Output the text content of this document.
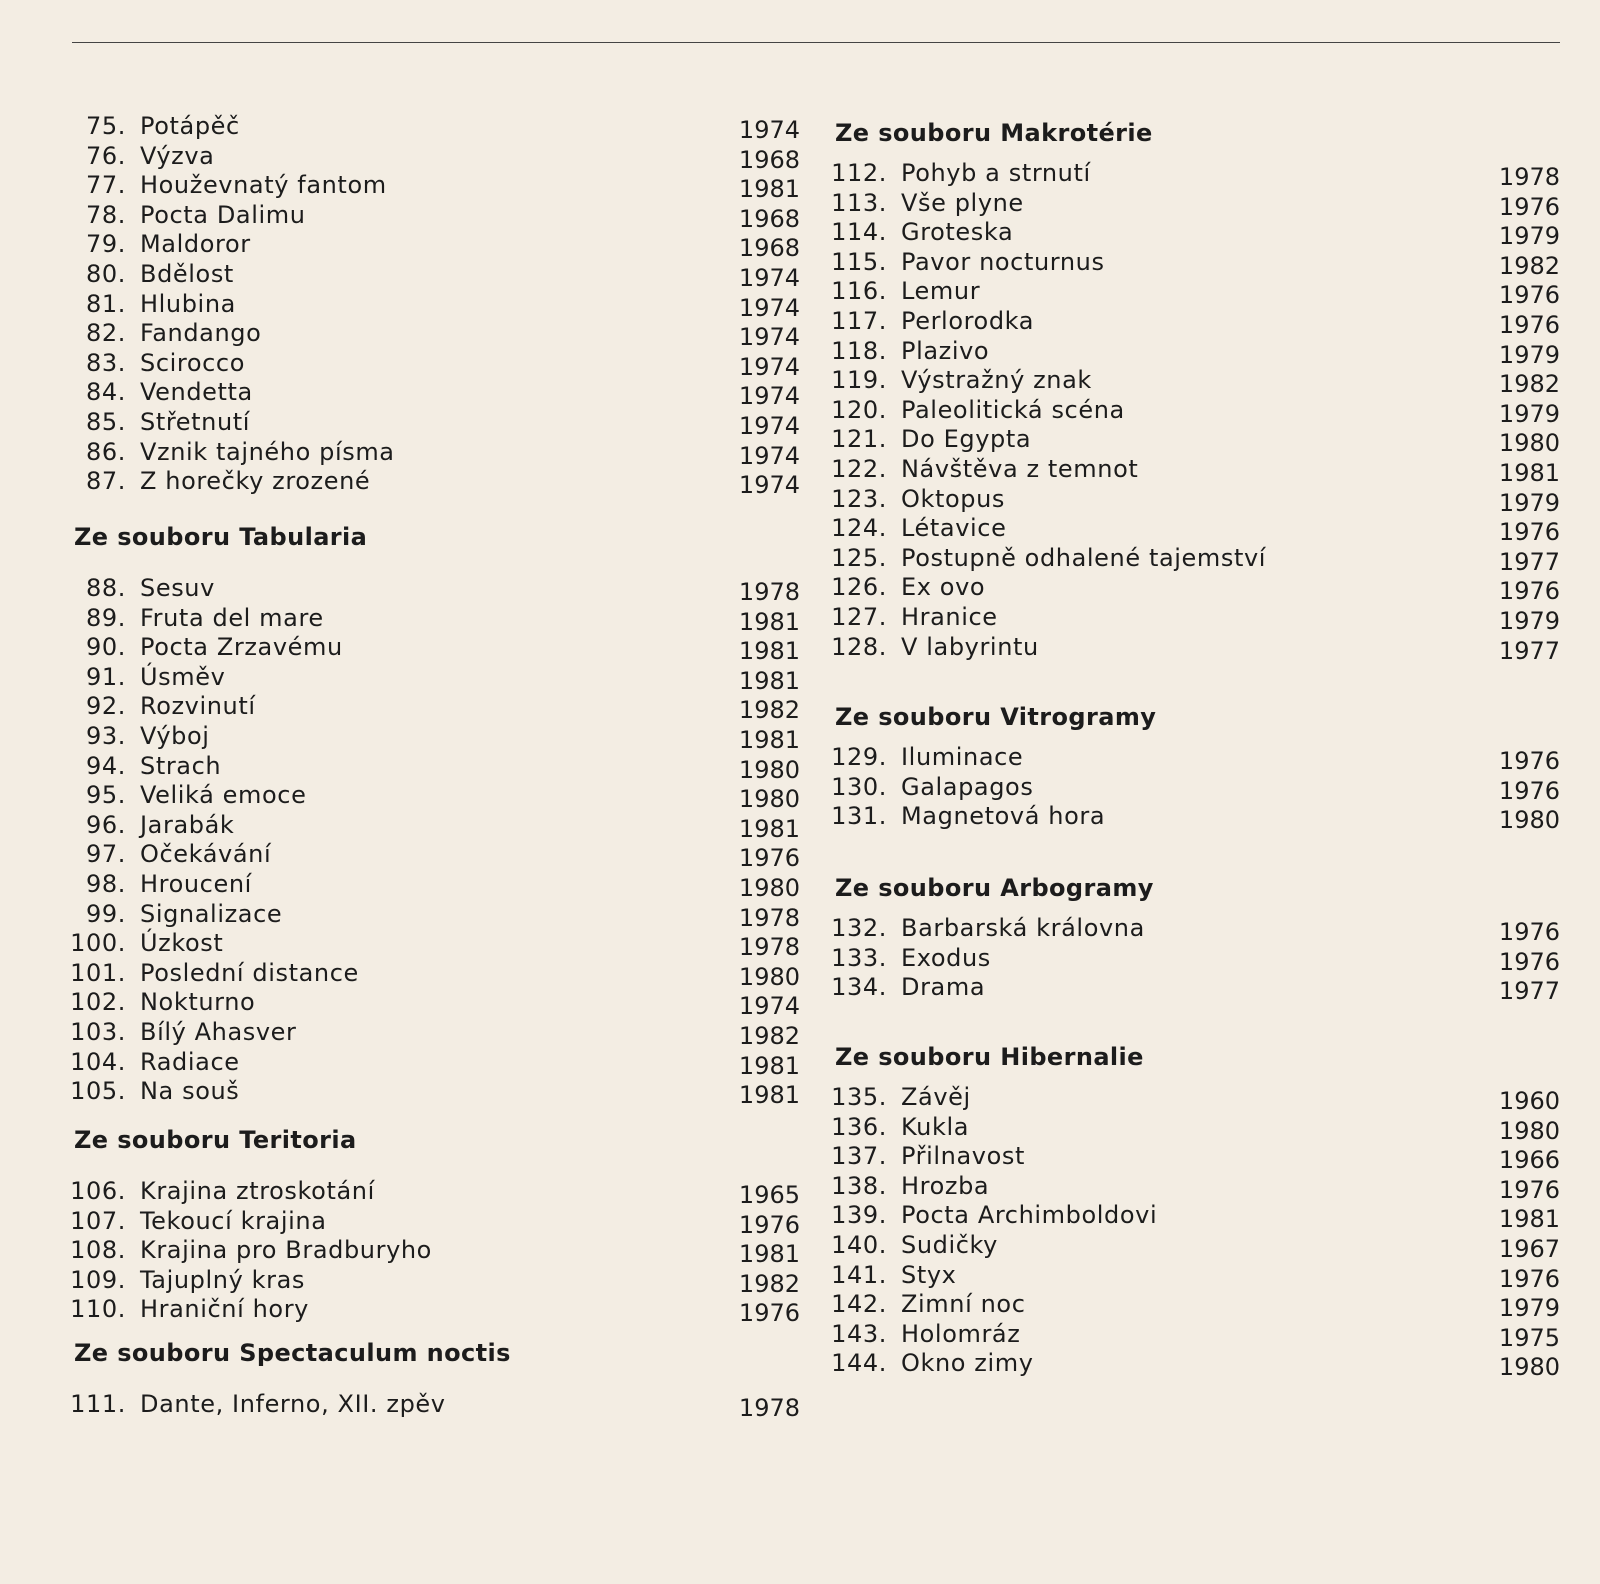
75. Potápěč	1974
76. Výzva	1968
77. Houževnatý fantom	1981
78. Pocta Dalimu	1968
79. Maldoror	1968
80. Bdělost	1974
81. Hlubina	1974
82. Fandango	1974
83. Scirocco	1974
84. Vendetta	1974
85. Střetnutí	1974
86. Vznik tajného písma	1974
87. Z horečky zrozené	1974
Ze souboru Tabularia
88. Sesuv	1978
89. Fruta del mare	1981
90. Pocta Zrzavému	1981
91. Úsměv	1981
92. Rozvinutí	1982
93. Výboj	1981
94. Strach	1980
95. Veliká emoce	1980
96. Jarabák	1981
97. Očekávání	1976
98. Hroucení	1980
99. Signalizace	1978
100. Úzkost	1978
101. Poslední distance	1980
102. Nokturno	1974
103. Bílý Ahasver	1982
104. Radiace	1981
105. Na souš	1981
Ze souboru Teritoria
106. Krajina ztroskotání	1965
107. Tekoucí krajina	1976
108. Krajina pro Bradburyho	1981
109. Tajuplný kras	1982
110. Hraniční hory	1976
Ze souboru Spectaculum noctis
111. Dante, Inferno, XII. zpěv	1978
Ze souboru Makrotérie
112. Pohyb a strnutí	1978
113. Vše plyne	1976
114. Groteska	1979
115. Pavor nocturnus	1982
116. Lemur	1976
117. Perlorodka	1976
118. Plazivo	1979
119. Výstražný znak	1982
120. Paleolitická scéna	1979
121. Do Egypta	1980
122. Návštěva z temnot	1981
123. Oktopus	1979
124. Létavice	1976
125. Postupně odhalené tajemství	1977
126. Ex ovo	1976
127. Hranice	1979
128. V labyrintu	1977
Ze souboru Vitrogramy
129. Iluminace	1976
130. Galapagos	1976
131. Magnetová hora	1980
Ze souboru Arbogramy
132. Barbarská královna	1976
133. Exodus	1976
134. Drama	1977
Ze souboru Hibernalie
135. Závěj	1960
136. Kukla	1980
137. Přilnavost	1966
138. Hrozba	1976
139. Pocta Archimboldovi	1981
140. Sudičky	1967
141. Styx	1976
142. Zimní noc	1979
143. Holomráz	1975
144. Okno zimy	1980
